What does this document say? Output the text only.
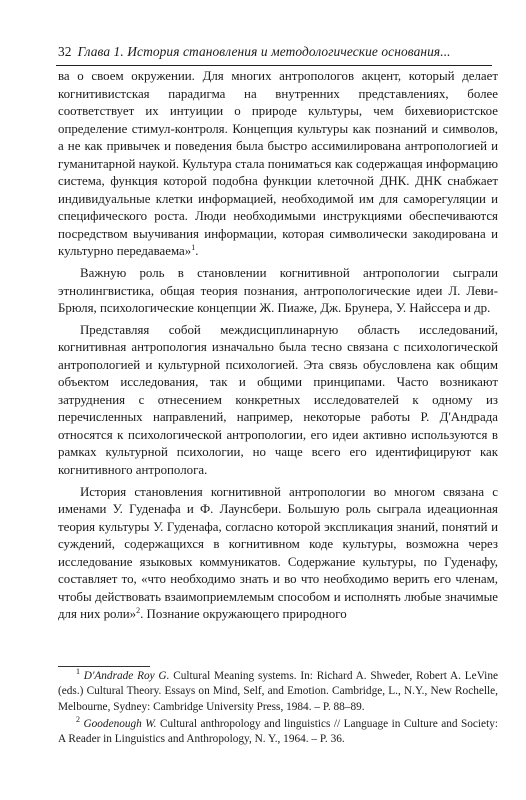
32 Глава 1. История становления и методологические основания...

ва о своем окружении. Для многих антропологов акцент, который делает когнитивистская парадигма на внутренних представлениях, более соответствует их интуиции о природе культуры, чем бихевиористское определение стимул-контроля. Концепция культуры как познаний и символов, а не как привычек и поведения была быстро ассимилирована антропологией и гуманитарной наукой. Культура стала пониматься как содержащая информацию система, функция которой подобна функции клеточной ДНК. ДНК снабжает индивидуальные клетки информацией, необходимой им для саморегуляции и специфического роста. Люди необходимыми инструкциями обеспечиваются посредством выучивания информации, которая символически закодирована и культурно передаваема»$^1$.

Важную роль в становлении когнитивной антропологии сыграли этнолингвистика, общая теория познания, антропологические идеи Л. Леви-Брюля, психологические концепции Ж. Пиаже, Дж. Брунера, У. Найссера и др.

Представляя собой междисциплинарную область исследований, когнитивная антропология изначально была тесно связана с психологической антропологией и культурной психологией. Эта связь обусловлена как общим объектом исследования, так и общими принципами. Часто возникают затруднения с отнесением конкретных исследователей к одному из перечисленных направлений, например, некоторые работы Р. Д'Андрада относятся к психологической антропологии, его идеи активно используются в рамках культурной психологии, но чаще всего его идентифицируют как когнитивного антрополога.

История становления когнитивной антропологии во многом связана с именами У. Гуденафа и Ф. Лаунсбери. Большую роль сыграла идеационная теория культуры У. Гуденафа, согласно которой экспликация знаний, понятий и суждений, содержащихся в когнитивном коде культуры, возможна через исследование языковых коммуникатов. Содержание культуры, по Гуденафу, составляет то, «что необходимо знать и во что необходимо верить его членам, чтобы действовать взаимоприемлемым способом и исполнять любые значимые для них роли»$^2$. Познание окружающего природного

$^1$ D'Andrade Roy G. Cultural Meaning systems. In: Richard A. Shweder, Robert A. LeVine (eds.) Cultural Theory. Essays on Mind, Self, and Emotion. Cambridge, L., N.Y., New Rochelle, Melbourne, Sydney: Cambridge University Press, 1984. – P. 88–89.

$^2$ Goodenough W. Cultural anthropology and linguistics // Language in Culture and Society: A Reader in Linguistics and Anthropology, N. Y., 1964. – P. 36.
